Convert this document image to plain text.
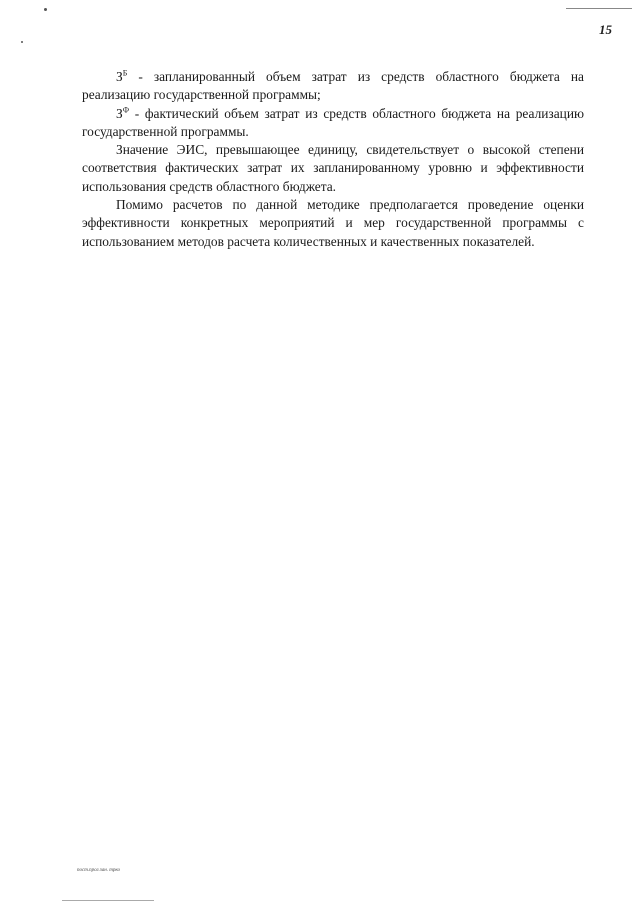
15

$З^Б$ - запланированный объем затрат из средств областного бюджета на реализацию государственной программы;

$З^Ф$ - фактический объем затрат из средств областного бюджета на реализацию государственной программы.

Значение ЭИС, превышающее единицу, свидетельствует о высокой степени соответствия фактических затрат их запланированному уровню и эффективности использования средств областного бюджета.

Помимо расчетов по данной методике предполагается проведение оценки эффективности конкретных мероприятий и мер государственной программы с использованием методов расчета количественных и качественных показателей.

пост.прог.зан. трко
